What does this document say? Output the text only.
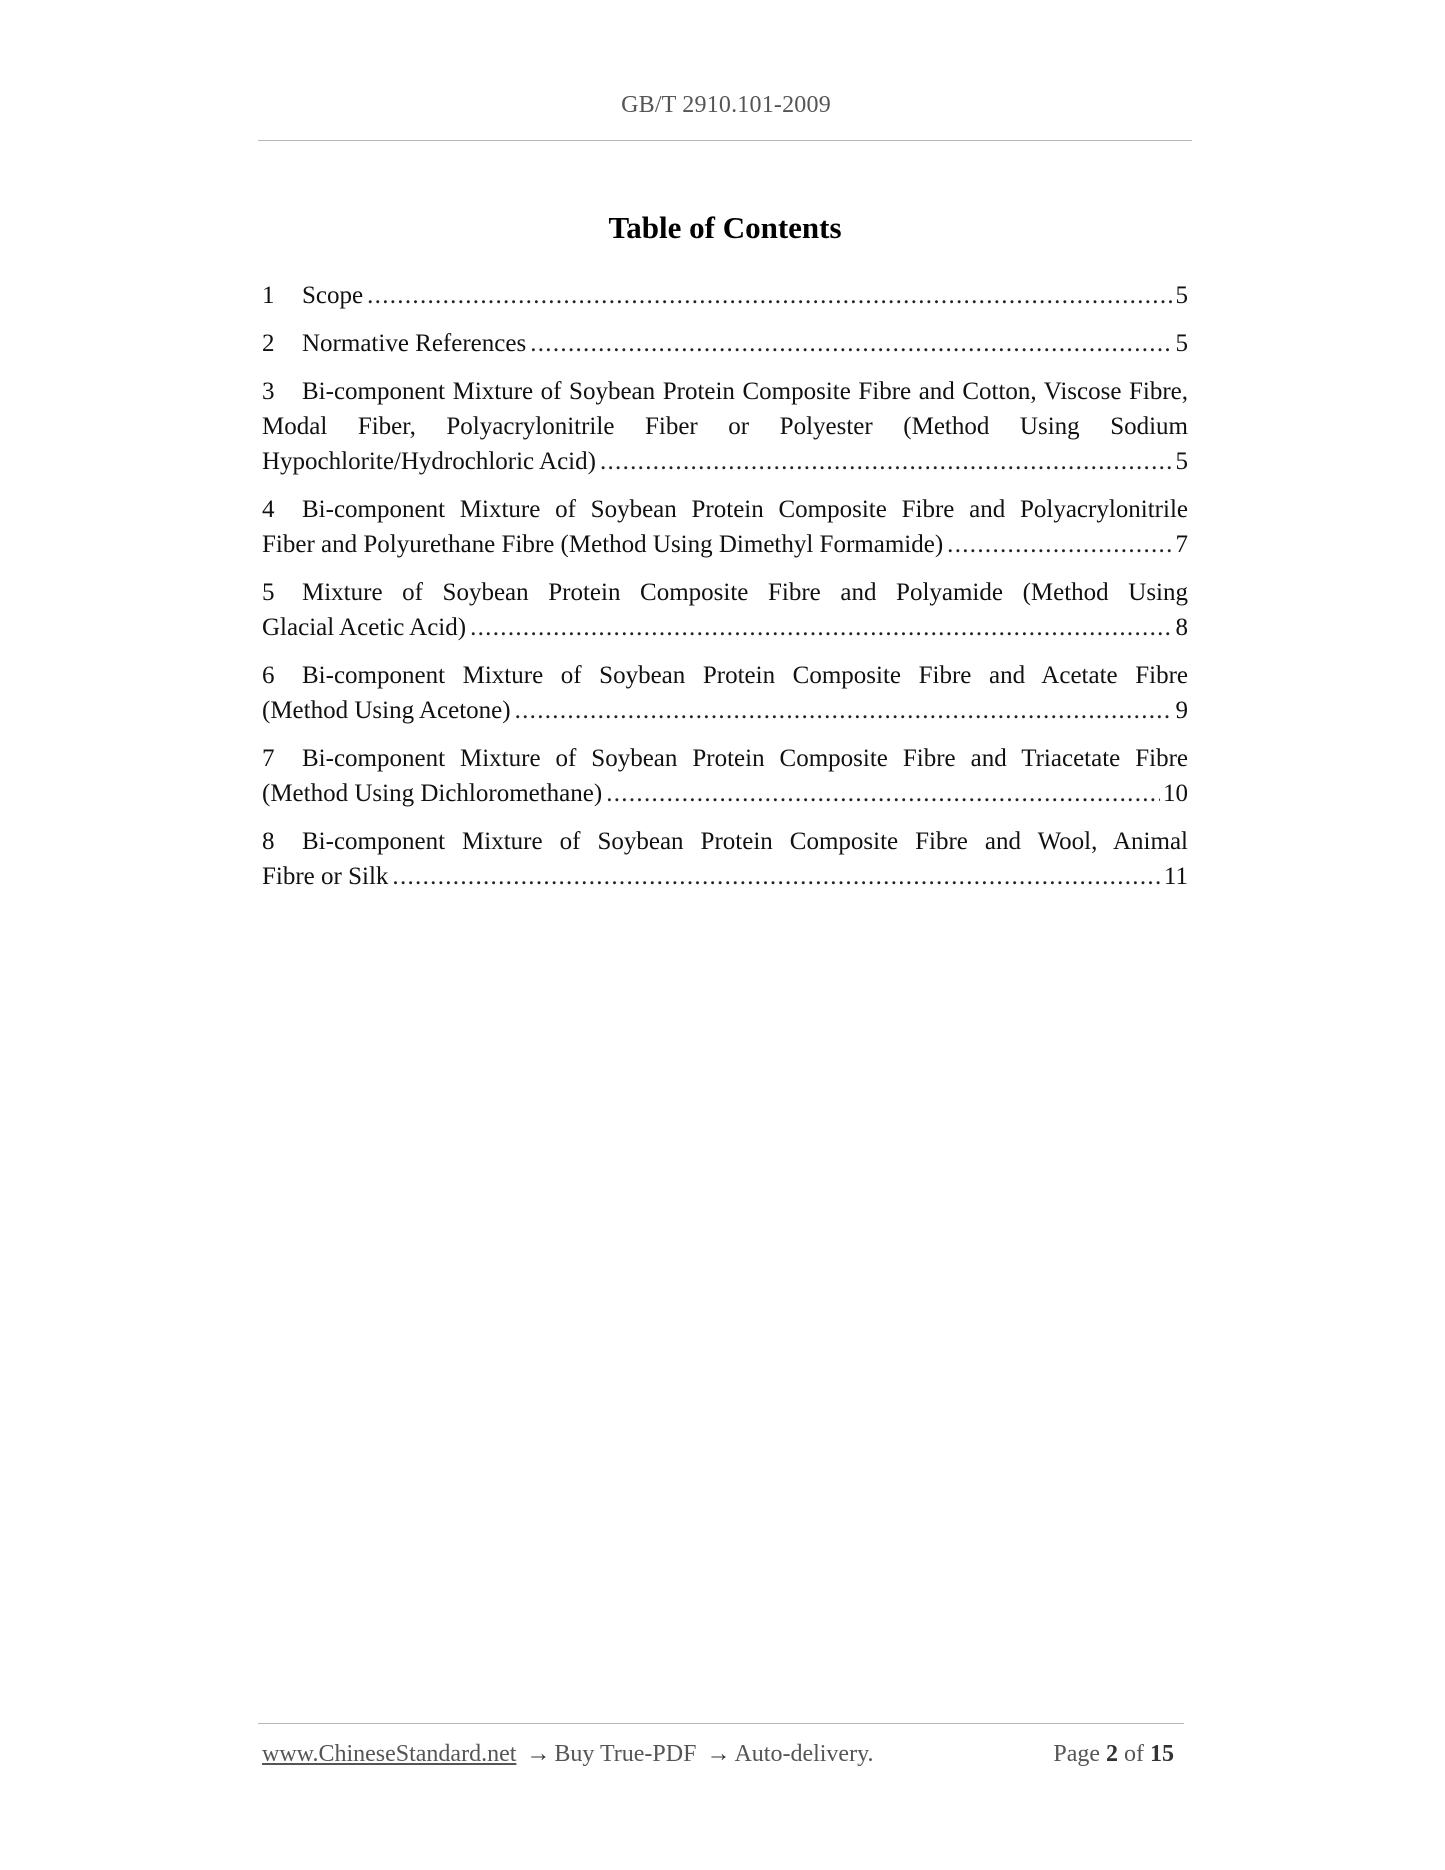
GB/T 2910.101-2009
Table of Contents
1 Scope .....	5
2 Normative References .....	5
3 Bi-component Mixture of Soybean Protein Composite Fibre and Cotton, Viscose Fibre, Modal Fiber, Polyacrylonitrile Fiber or Polyester (Method Using Sodium
Hypochlorite/Hydrochloric Acid) .....	5
4 Bi-component Mixture of Soybean Protein Composite Fibre and Polyacrylonitrile
Fiber and Polyurethane Fibre (Method Using Dimethyl Formamide) .....	7
5 Mixture of Soybean Protein Composite Fibre and Polyamide (Method Using
Glacial Acetic Acid) .....	8
6 Bi-component Mixture of Soybean Protein Composite Fibre and Acetate Fibre
(Method Using Acetone) .....	9
7 Bi-component Mixture of Soybean Protein Composite Fibre and Triacetate Fibre
(Method Using Dichloromethane) .....	10
8 Bi-component Mixture of Soybean Protein Composite Fibre and Wool, Animal
Fibre or Silk .....	11
www.ChineseStandard.net → Buy True-PDF → Auto-delivery.	Page 2 of 15
